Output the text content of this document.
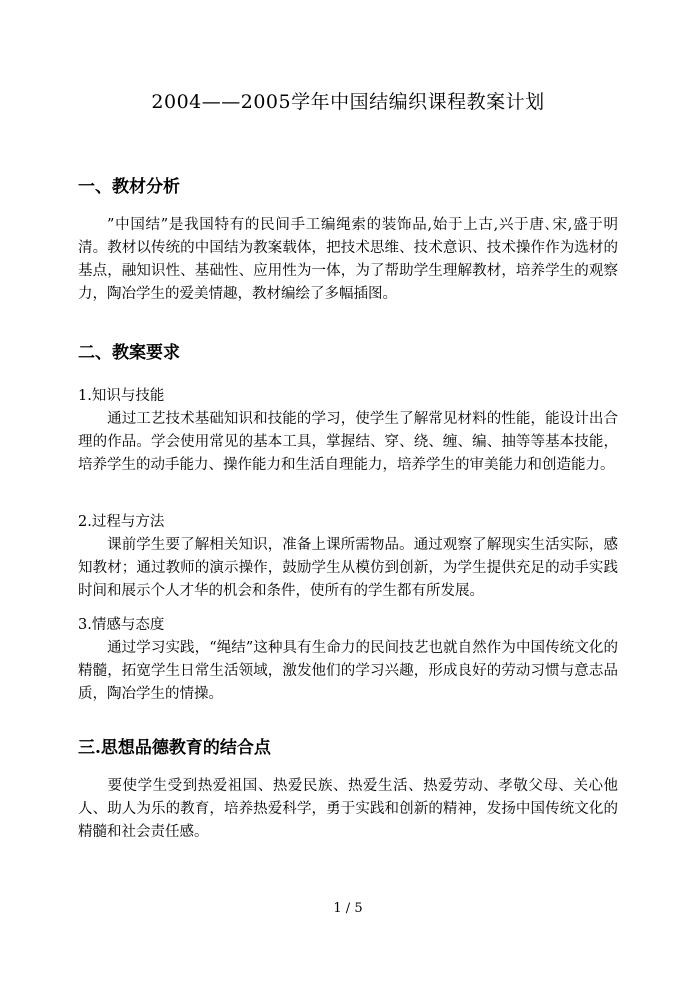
2004——2005学年中国结编织课程教案计划
一、教材分析
”中国结”是我国特有的民间手工编绳索的装饰品,始于上古,兴于唐､宋,盛于明清。教材以传统的中国结为教案载体，把技术思维、技术意识、技术操作作为选材的基点，融知识性、基础性、应用性为一体，为了帮助学生理解教材，培养学生的观察力，陶冶学生的爱美情趣，教材编绘了多幅插图。
二、教案要求
1.知识与技能
通过工艺技术基础知识和技能的学习，使学生了解常见材料的性能，能设计出合理的作品。学会使用常见的基本工具，掌握结、穿、绕、缠、编、抽等等基本技能，培养学生的动手能力、操作能力和生活自理能力，培养学生的审美能力和创造能力。
2.过程与方法
课前学生要了解相关知识，准备上课所需物品。通过观察了解现实生活实际，感知教材；通过教师的演示操作，鼓励学生从模仿到创新，为学生提供充足的动手实践时间和展示个人才华的机会和条件，使所有的学生都有所发展。
3.情感与态度
通过学习实践，“绳结”这种具有生命力的民间技艺也就自然作为中国传统文化的精髓，拓宽学生日常生活领域，激发他们的学习兴趣，形成良好的劳动习惯与意志品质，陶冶学生的情操。
三.思想品德教育的结合点
要使学生受到热爱祖国、热爱民族、热爱生活、热爱劳动、孝敬父母、关心他人、助人为乐的教育，培养热爱科学，勇于实践和创新的精神，发扬中国传统文化的精髓和社会责任感。
1 / 5
